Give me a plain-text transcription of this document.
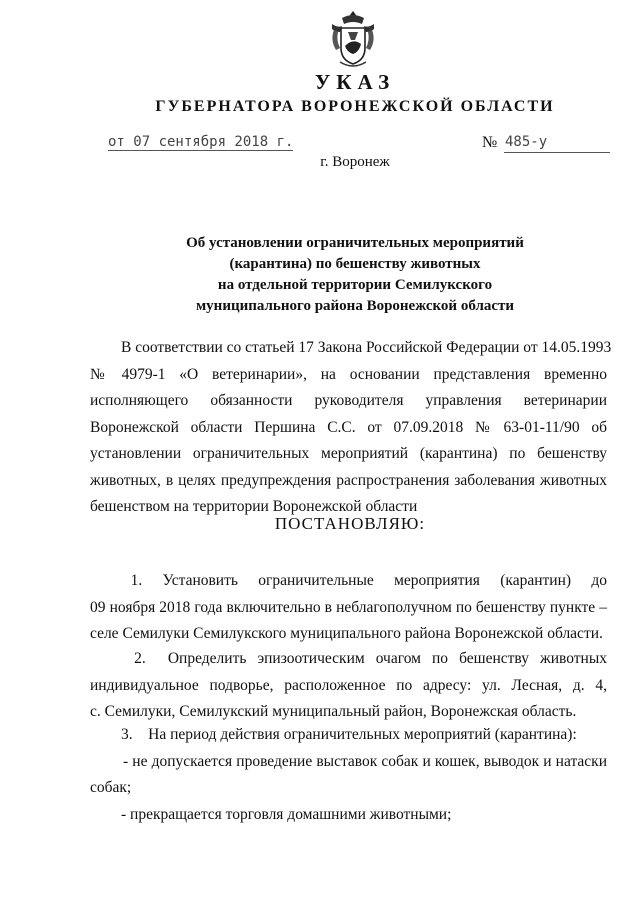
УКАЗ
ГУБЕРНАТОРА ВОРОНЕЖСКОЙ ОБЛАСТИ
от 07 сентября 2018 г.	№ 485-у
г. Воронеж
Об установлении ограничительных мероприятий
(карантина) по бешенству животных
на отдельной территории Семилукского
муниципального района Воронежской области
В соответствии со статьей 17 Закона Российской Федерации от 14.05.1993
№  4979-1  «О  ветеринарии»,  на  основании  представления  временно
исполняющего  обязанности  руководителя  управления  ветеринарии
Воронежской  области  Першина  С.С.  от  07.09.2018  №  63-01-11/90  об
установлении  ограничительных  мероприятий  (карантина)  по  бешенству
животных, в целях предупреждения распространения заболевания животных
бешенством на территории Воронежской области
ПОСТАНОВЛЯЮ:
1.    Установить    ограничительные    мероприятия    (карантин)    до
09 ноября 2018 года включительно в неблагополучном по бешенству пункте –
селе Семилуки Семилукского муниципального района Воронежской области.
2.    Определить  эпизоотическим  очагом  по  бешенству  животных
индивидуальное  подворье,  расположенное  по  адресу:  ул.  Лесная,  д.  4,
с. Семилуки, Семилукский муниципальный район, Воронежская область.
3.    На период действия ограничительных мероприятий (карантина):
- не допускается проведение выставок собак и кошек, выводок и натаски
собак;
- прекращается торговля домашними животными;
